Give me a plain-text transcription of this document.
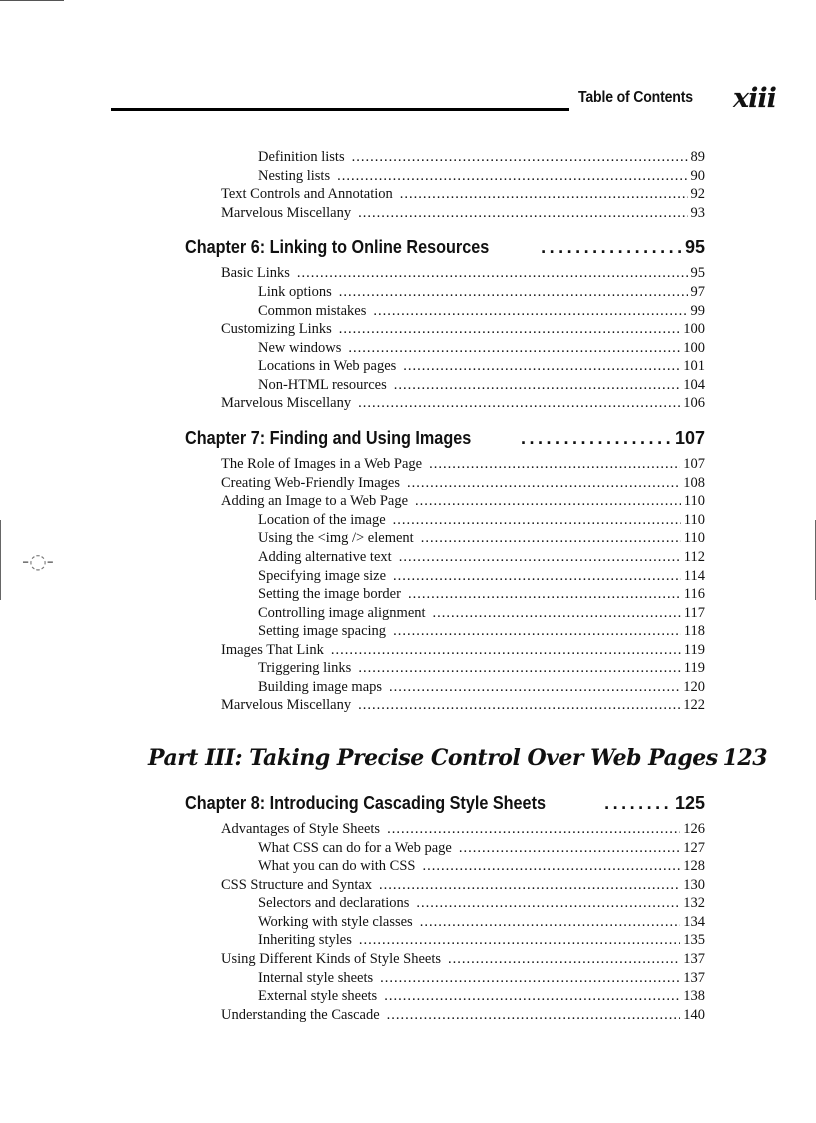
-◌-
Table of Contents xiii
Definition lists .....	89
Nesting lists .....	90
Text Controls and Annotation .....	92
Marvelous Miscellany .....	93
Chapter 6: Linking to Online Resources .....	95
Basic Links .....	95
Link options .....	97
Common mistakes .....	99
Customizing Links .....	100
New windows .....	100
Locations in Web pages .....	101
Non-HTML resources .....	104
Marvelous Miscellany .....	106
Chapter 7: Finding and Using Images .....	107
The Role of Images in a Web Page .....	107
Creating Web-Friendly Images .....	108
Adding an Image to a Web Page .....	110
Location of the image .....	110
Using the <img /> element .....	110
Adding alternative text .....	112
Specifying image size .....	114
Setting the image border .....	116
Controlling image alignment .....	117
Setting image spacing .....	118
Images That Link .....	119
Triggering links .....	119
Building image maps .....	120
Marvelous Miscellany .....	122
Part III: Taking Precise Control Over Web Pages 123
Chapter 8: Introducing Cascading Style Sheets .....	125
Advantages of Style Sheets .....	126
What CSS can do for a Web page .....	127
What you can do with CSS .....	128
CSS Structure and Syntax .....	130
Selectors and declarations .....	132
Working with style classes .....	134
Inheriting styles .....	135
Using Different Kinds of Style Sheets .....	137
Internal style sheets .....	137
External style sheets .....	138
Understanding the Cascade .....	140
